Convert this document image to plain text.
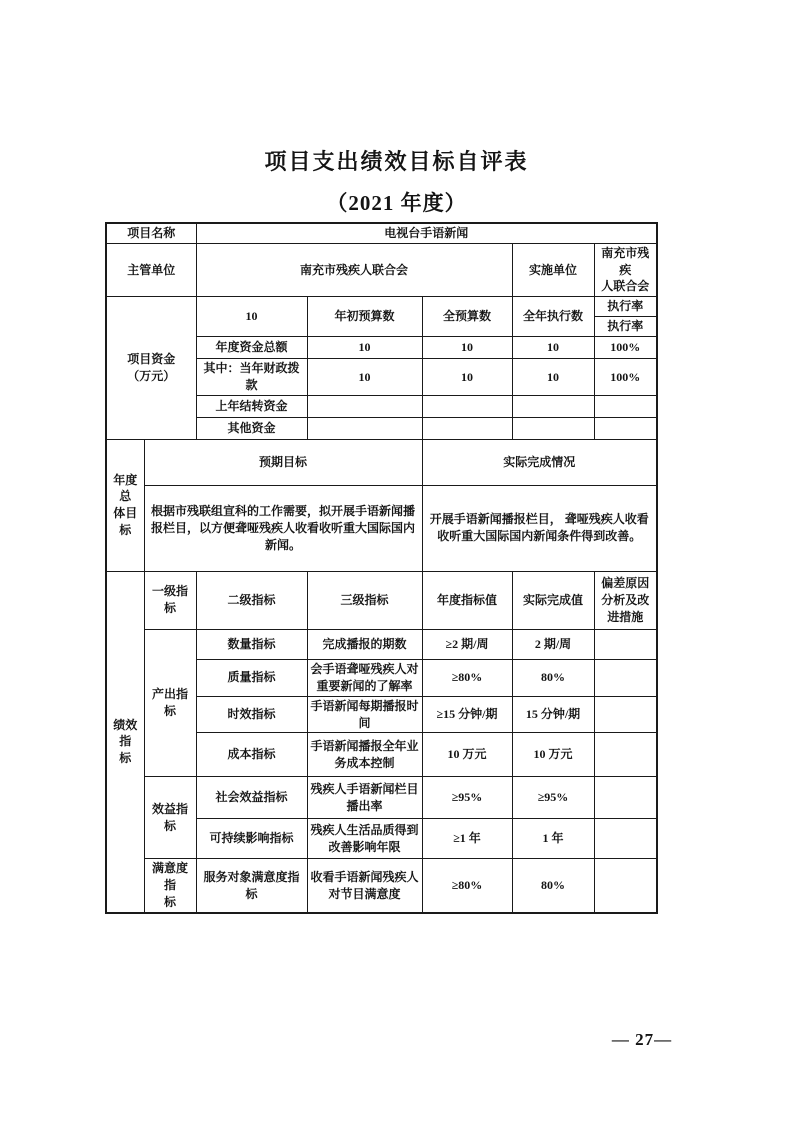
项目支出绩效目标自评表
（2021 年度）
项目名称		电视台手语新闻				
主管单位		南充市残疾人联合会			实施单位	南充市残疾
人联合会
项目资金
（万元）		10	年初预算数	全预算数	全年执行数	执行率
						执行率
		年度资金总额	10	10	10	100%
		其中：当年财政拨款	10	10	10	100%
		上年结转资金				
		其他资金				
年度总
体目标	预期目标			实际完成情况		
	根据市残联组宣科的工作需要，拟开展手语新闻播报栏目，以方便聋哑残疾人收看收听重大国际国内新闻。			开展手语新闻播报栏目， 聋哑残疾人收看收听重大国际国内新闻条件得到改善。		
绩效指
标	一级指标	二级指标	三级指标	年度指标值	实际完成值	偏差原因分析及改进措施
	产出指标	数量指标	完成播报的期数	≥2 期/周	2 期/周	
		质量指标	会手语聋哑残疾人对重要新闻的了解率	≥80%	80%	
		时效指标	手语新闻每期播报时间	≥15 分钟/期	15 分钟/期	
		成本指标	手语新闻播报全年业务成本控制	10 万元	10 万元	
	效益指标	社会效益指标	残疾人手语新闻栏目播出率	≥95%	≥95%	
		可持续影响指标	残疾人生活品质得到改善影响年限	≥1 年	1 年	
	满意度指
标	服务对象满意度指标	收看手语新闻残疾人对节目满意度	≥80%	80%	
— 27—
